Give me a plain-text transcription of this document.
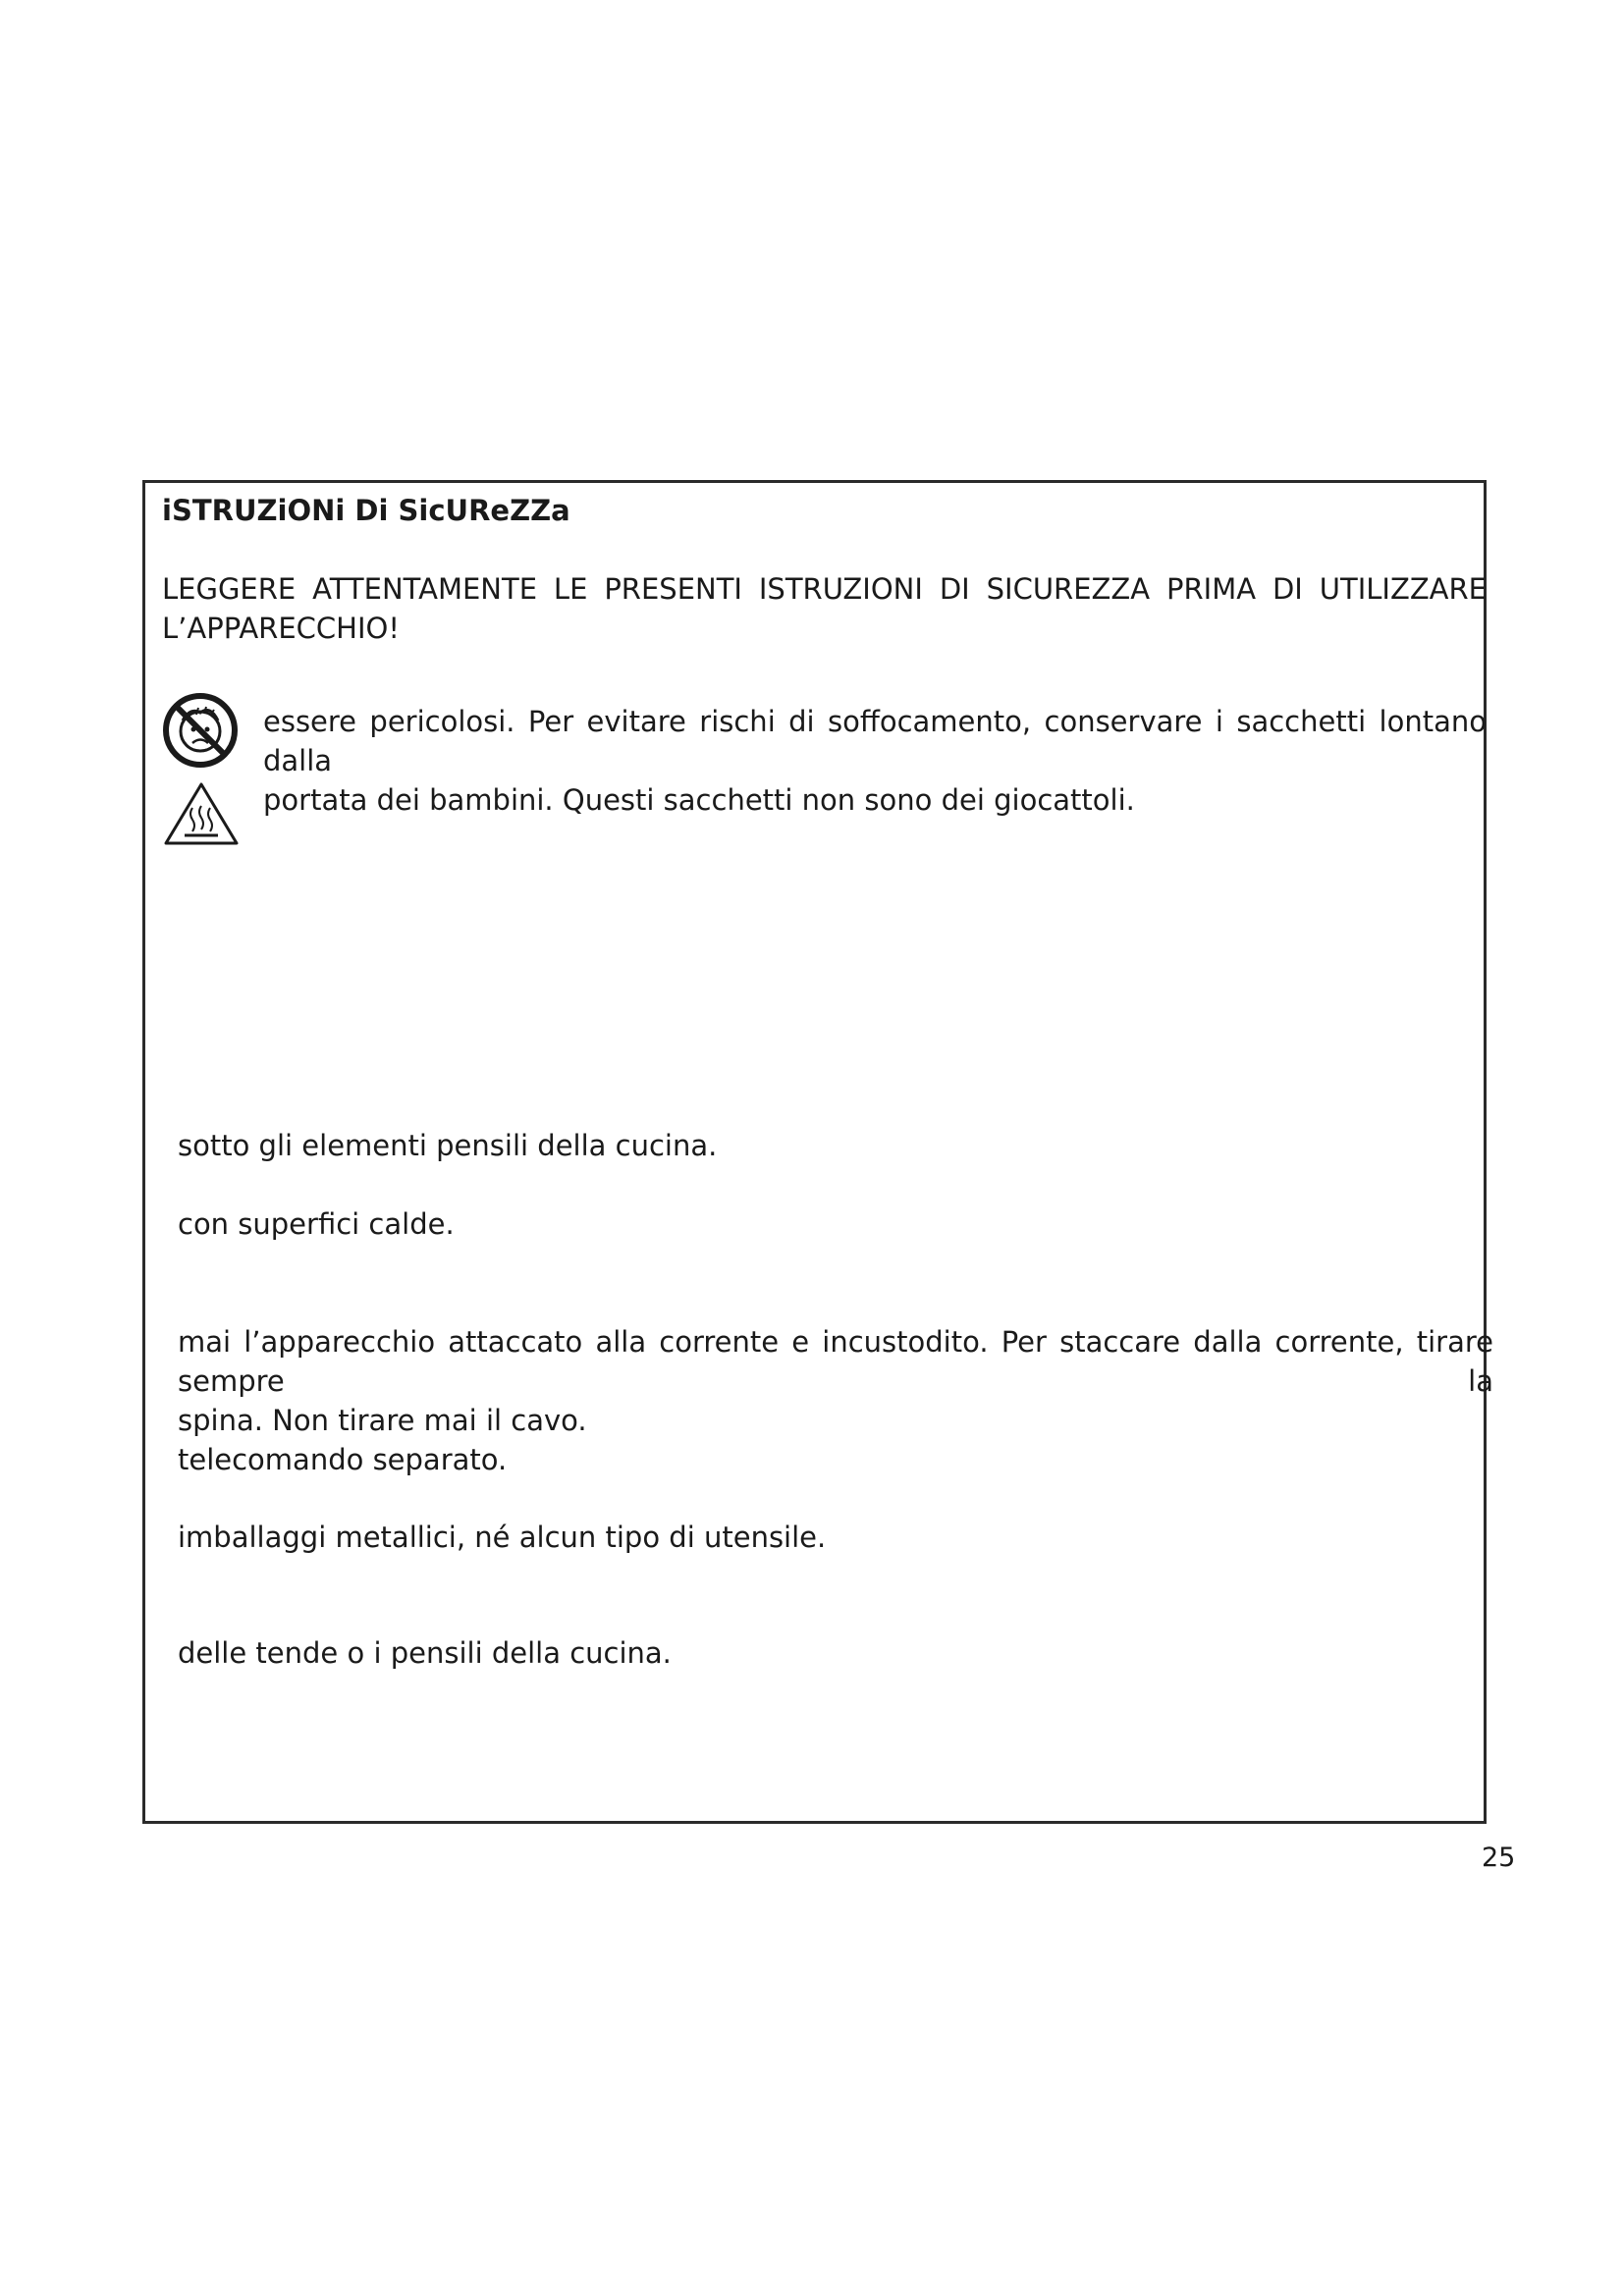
iSTRUZiONi Di SicUReZZa
LEGGERE ATTENTAMENTE LE PRESENTI ISTRUZIONI DI SICUREZZA PRIMA DI UTILIZZARE
L’APPARECCHIO!
essere pericolosi. Per evitare rischi di soffocamento, conservare i sacchetti lontano dalla
portata dei bambini. Questi sacchetti non sono dei giocattoli.
sotto gli elementi pensili della cucina.
con superfici calde.
mai l’apparecchio attaccato alla corrente e incustodito. Per staccare dalla corrente, tirare sempre la
spina. Non tirare mai il cavo.
telecomando separato.
imballaggi metallici, né alcun tipo di utensile.
delle tende o i pensili della cucina.
25
